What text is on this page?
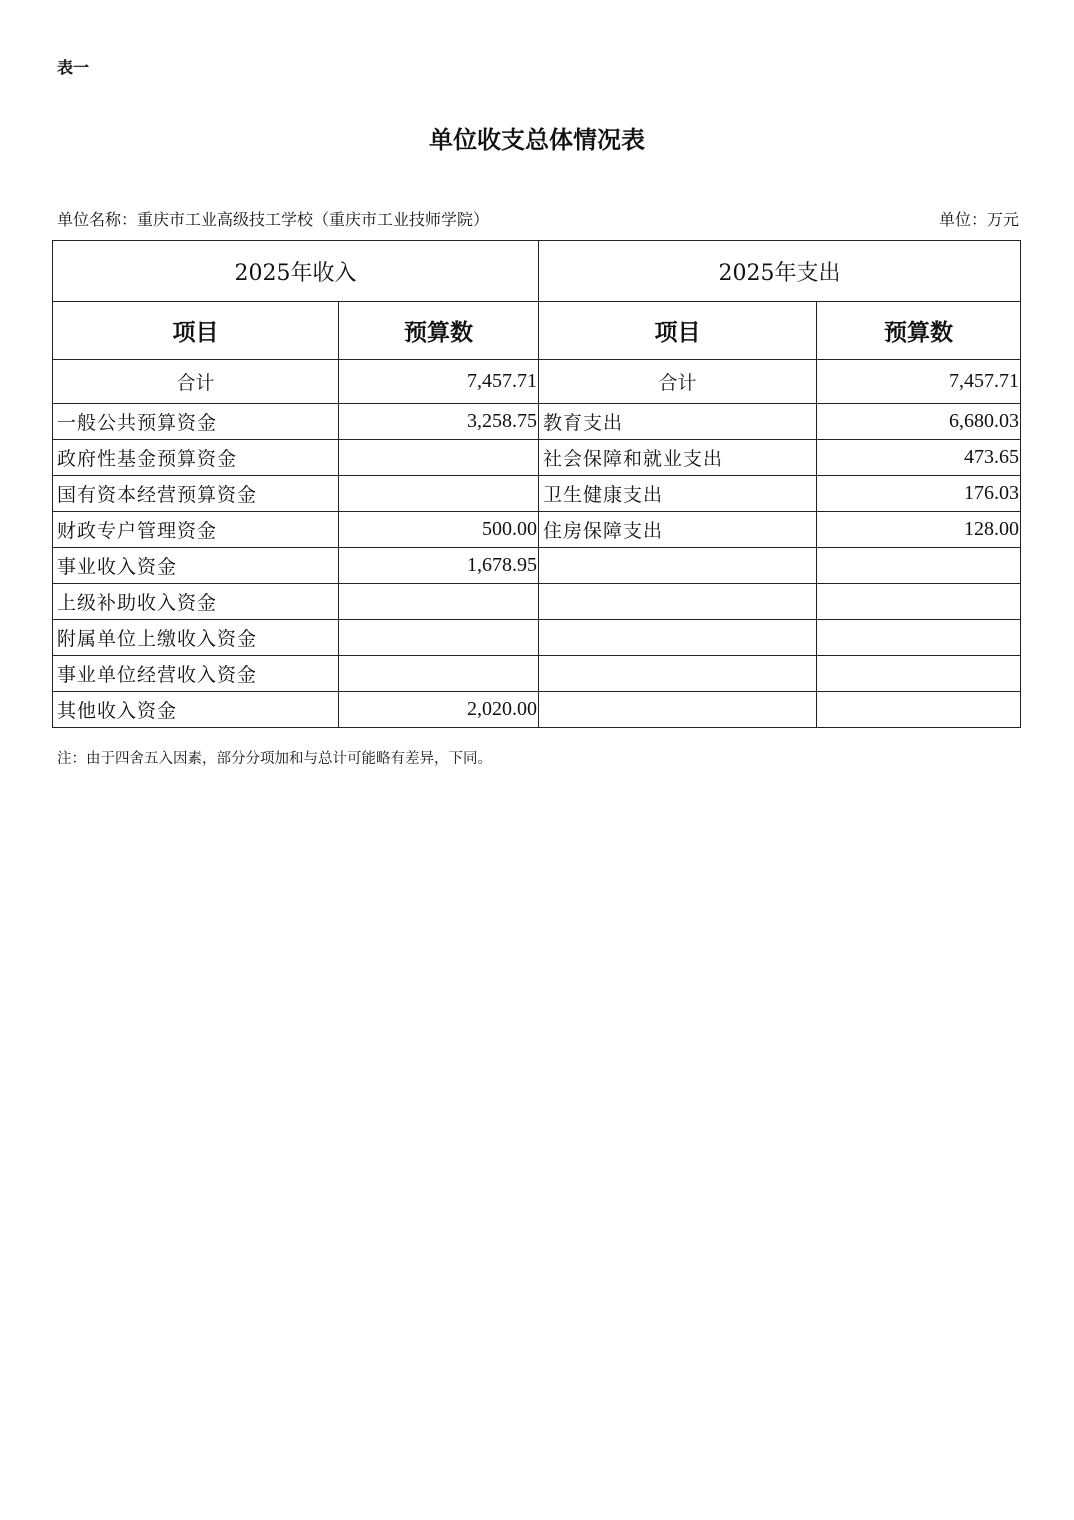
表一
单位收支总体情况表
单位名称：重庆市工业高级技工学校（重庆市工业技师学院）	单位：万元
2025年收入		2025年支出	
项目	预算数	项目	预算数
合计	7,457.71	合计	7,457.71
一般公共预算资金	3,258.75	教育支出	6,680.03
政府性基金预算资金		社会保障和就业支出	473.65
国有资本经营预算资金		卫生健康支出	176.03
财政专户管理资金	500.00	住房保障支出	128.00
事业收入资金	1,678.95		
上级补助收入资金			
附属单位上缴收入资金			
事业单位经营收入资金			
其他收入资金	2,020.00		
注：由于四舍五入因素，部分分项加和与总计可能略有差异，下同。
